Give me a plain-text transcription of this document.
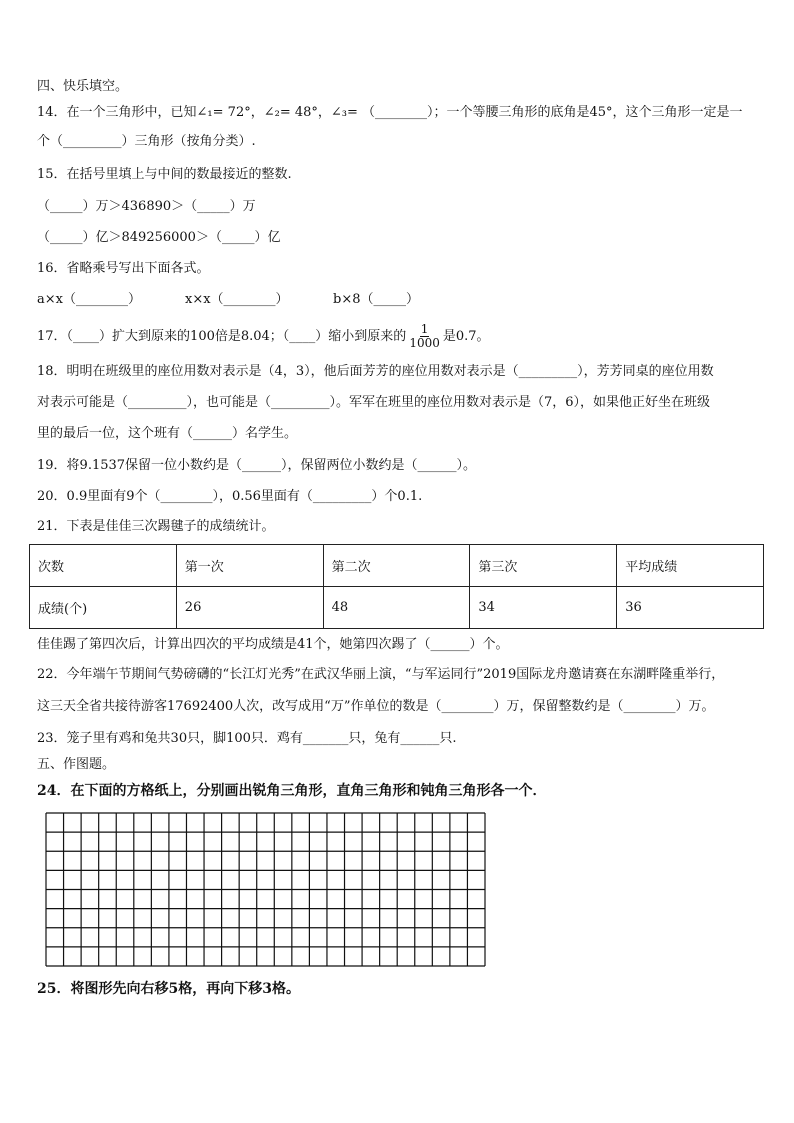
四、快乐填空。
14．在一个三角形中，已知∠₁= 72°，∠₂= 48°，∠₃= （________）；一个等腰三角形的底角是45°，这个三角形一定是一
个（_________）三角形（按角分类）.
15．在括号里填上与中间的数最接近的整数.
（_____）万＞436890＞（_____）万
（_____）亿＞849256000＞（_____）亿
16．省略乘号写出下面各式。
a×x（________）	x×x（________）	b×8（_____）
17．（____）扩大到原来的100倍是8.04；（____）缩小到原来的 $\frac{1}{1000}$ 是0.7。
18．明明在班级里的座位用数对表示是（4，3），他后面芳芳的座位用数对表示是（_________），芳芳同桌的座位用数
对表示可能是（_________），也可能是（_________）。军军在班里的座位用数对表示是（7，6），如果他正好坐在班级
里的最后一位，这个班有（______）名学生。
19．将9.1537保留一位小数约是（______），保留两位小数约是（______）。
20．0.9里面有9个（________），0.56里面有（_________）个0.1.
21．下表是佳佳三次踢毽子的成绩统计。
次数	第一次	第二次	第三次	平均成绩
成绩(个)	26	48	34	36
佳佳踢了第四次后，计算出四次的平均成绩是41个，她第四次踢了（______）个。
22．今年端午节期间气势磅礴的“长江灯光秀”在武汉华丽上演，“与军运同行”2019国际龙舟邀请赛在东湖畔隆重举行，
这三天全省共接待游客17692400人次，改写成用“万”作单位的数是（________）万，保留整数约是（________）万。
23．笼子里有鸡和兔共30只，脚100只．鸡有_______只，兔有______只.
五、作图题。
24．在下面的方格纸上，分别画出锐角三角形，直角三角形和钝角三角形各一个．
25．将图形先向右移5格，再向下移3格。
